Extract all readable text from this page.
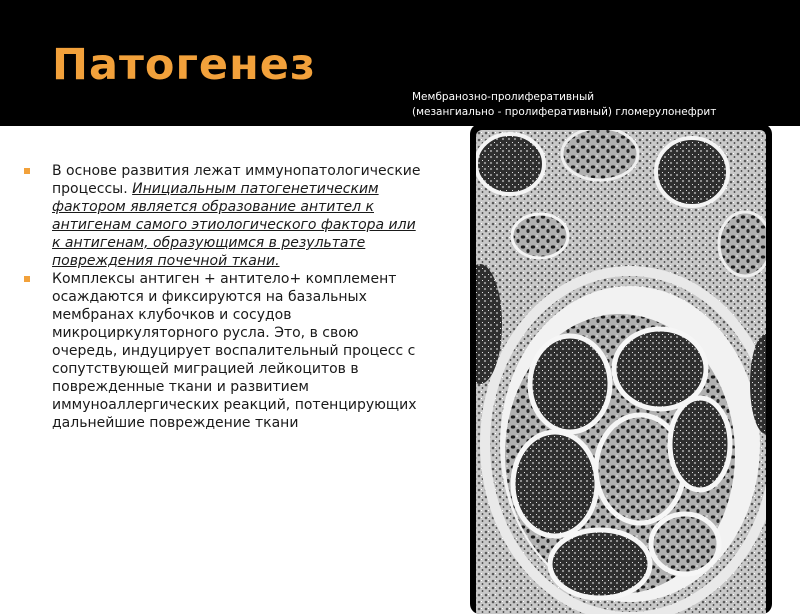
Патогенез
Мембранозно-пролиферативный
(мезангиально - пролиферативный) гломерулонефрит
В основе развития лежат иммунопатологические процессы. Инициальным патогенетическим фактором является образование антител к антигенам самого этиологического фактора или к антигенам, образующимся в результате повреждения почечной ткани.
Комплексы антиген + антитело+ комплемент осаждаются и фиксируются на базальных мембранах клубочков и сосудов микроциркуляторного русла. Это, в свою очередь, индуцирует воспалительный процесс с сопутствующей миграцией лейкоцитов в поврежденные ткани и развитием иммуноаллергических реакций, потенцирующих дальнейшие повреждение ткани
